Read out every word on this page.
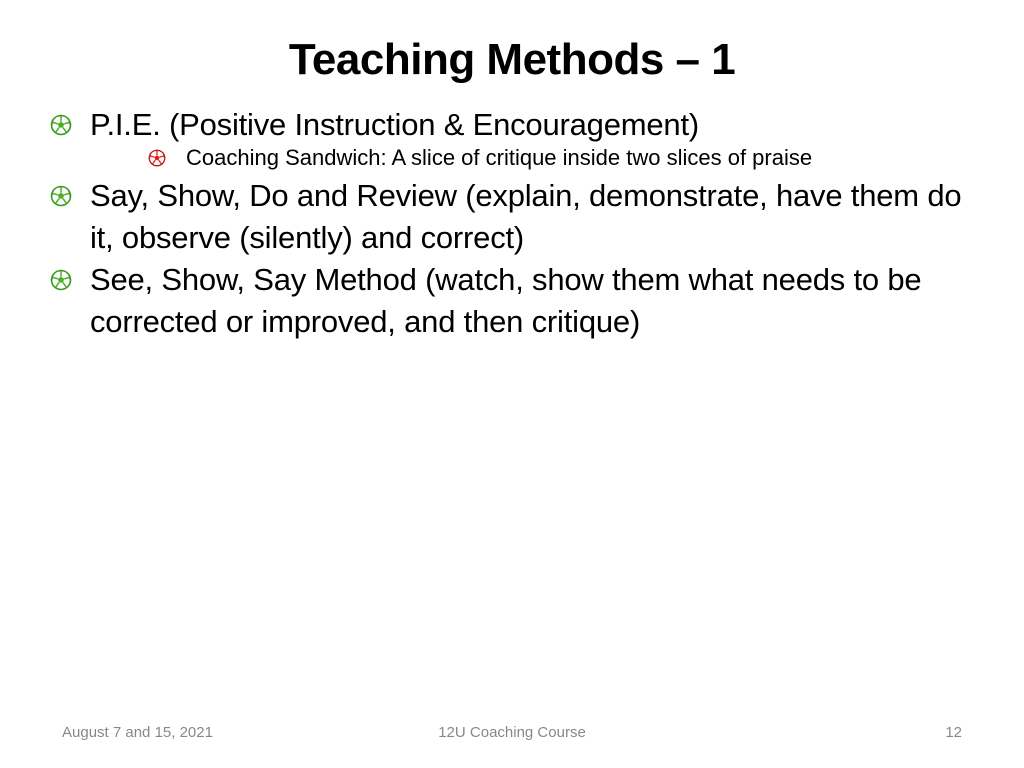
Teaching Methods – 1
P.I.E. (Positive Instruction & Encouragement)
Coaching Sandwich: A slice of critique inside two slices of praise
Say, Show, Do and Review (explain, demonstrate, have them do it, observe (silently) and correct)
See, Show, Say Method (watch, show them what needs to be corrected or improved, and then critique)
August 7 and 15, 2021	12U Coaching Course	12
